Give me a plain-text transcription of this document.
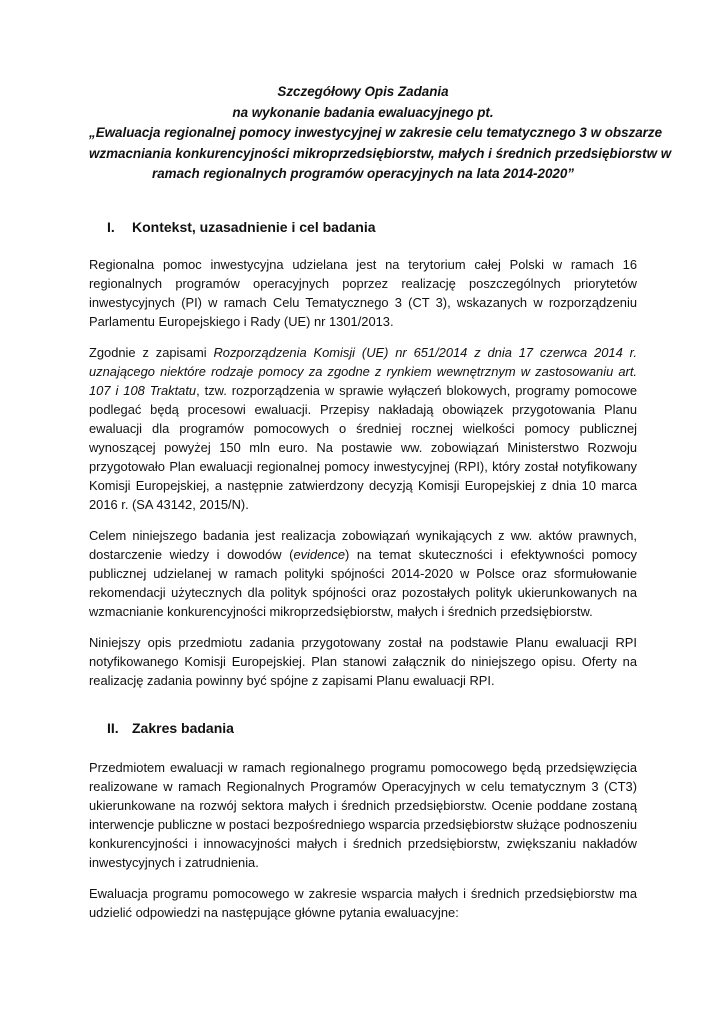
Szczegółowy Opis Zadania
na wykonanie badania ewaluacyjnego pt.
„Ewaluacja regionalnej pomocy inwestycyjnej w zakresie celu tematycznego 3 w obszarze
wzmacniania konkurencyjności mikroprzedsiębiorstw, małych i średnich przedsiębiorstw w
ramach regionalnych programów operacyjnych na lata 2014-2020”
I.	Kontekst, uzasadnienie i cel badania

Regionalna pomoc inwestycyjna udzielana jest na terytorium całej Polski w ramach 16 regionalnych programów operacyjnych poprzez realizację poszczególnych priorytetów inwestycyjnych (PI) w ramach Celu Tematycznego 3 (CT 3), wskazanych w rozporządzeniu Parlamentu Europejskiego i Rady (UE) nr 1301/2013.

Zgodnie z zapisami Rozporządzenia Komisji (UE) nr 651/2014 z dnia 17 czerwca 2014 r. uznającego niektóre rodzaje pomocy za zgodne z rynkiem wewnętrznym w zastosowaniu art. 107 i 108 Traktatu, tzw. rozporządzenia w sprawie wyłączeń blokowych, programy pomocowe podlegać będą procesowi ewaluacji. Przepisy nakładają obowiązek przygotowania Planu ewaluacji dla programów pomocowych o średniej rocznej wielkości pomocy publicznej wynoszącej powyżej 150 mln euro. Na postawie ww. zobowiązań Ministerstwo Rozwoju przygotowało Plan ewaluacji regionalnej pomocy inwestycyjnej (RPI), który został notyfikowany Komisji Europejskiej, a następnie zatwierdzony decyzją Komisji Europejskiej z dnia 10 marca 2016 r. (SA 43142, 2015/N).

Celem niniejszego badania jest realizacja zobowiązań wynikających z ww. aktów prawnych, dostarczenie wiedzy i dowodów (evidence) na temat skuteczności i efektywności pomocy publicznej udzielanej w ramach polityki spójności 2014-2020 w Polsce oraz sformułowanie rekomendacji użytecznych dla polityk spójności oraz pozostałych polityk ukierunkowanych na wzmacnianie konkurencyjności mikroprzedsiębiorstw, małych i średnich przedsiębiorstw.

Niniejszy opis przedmiotu zadania przygotowany został na podstawie Planu ewaluacji RPI notyfikowanego Komisji Europejskiej. Plan stanowi załącznik do niniejszego opisu. Oferty na realizację zadania powinny być spójne z zapisami Planu ewaluacji RPI.

II. Zakres badania

Przedmiotem ewaluacji w ramach regionalnego programu pomocowego będą przedsięwzięcia realizowane w ramach Regionalnych Programów Operacyjnych w celu tematycznym 3 (CT3) ukierunkowane na rozwój sektora małych i średnich przedsiębiorstw. Ocenie poddane zostaną interwencje publiczne w postaci bezpośredniego wsparcia przedsiębiorstw służące podnoszeniu konkurencyjności i innowacyjności małych i średnich przedsiębiorstw, zwiększaniu nakładów inwestycyjnych i zatrudnienia.

Ewaluacja programu pomocowego w zakresie wsparcia małych i średnich przedsiębiorstw ma udzielić odpowiedzi na następujące główne pytania ewaluacyjne:
